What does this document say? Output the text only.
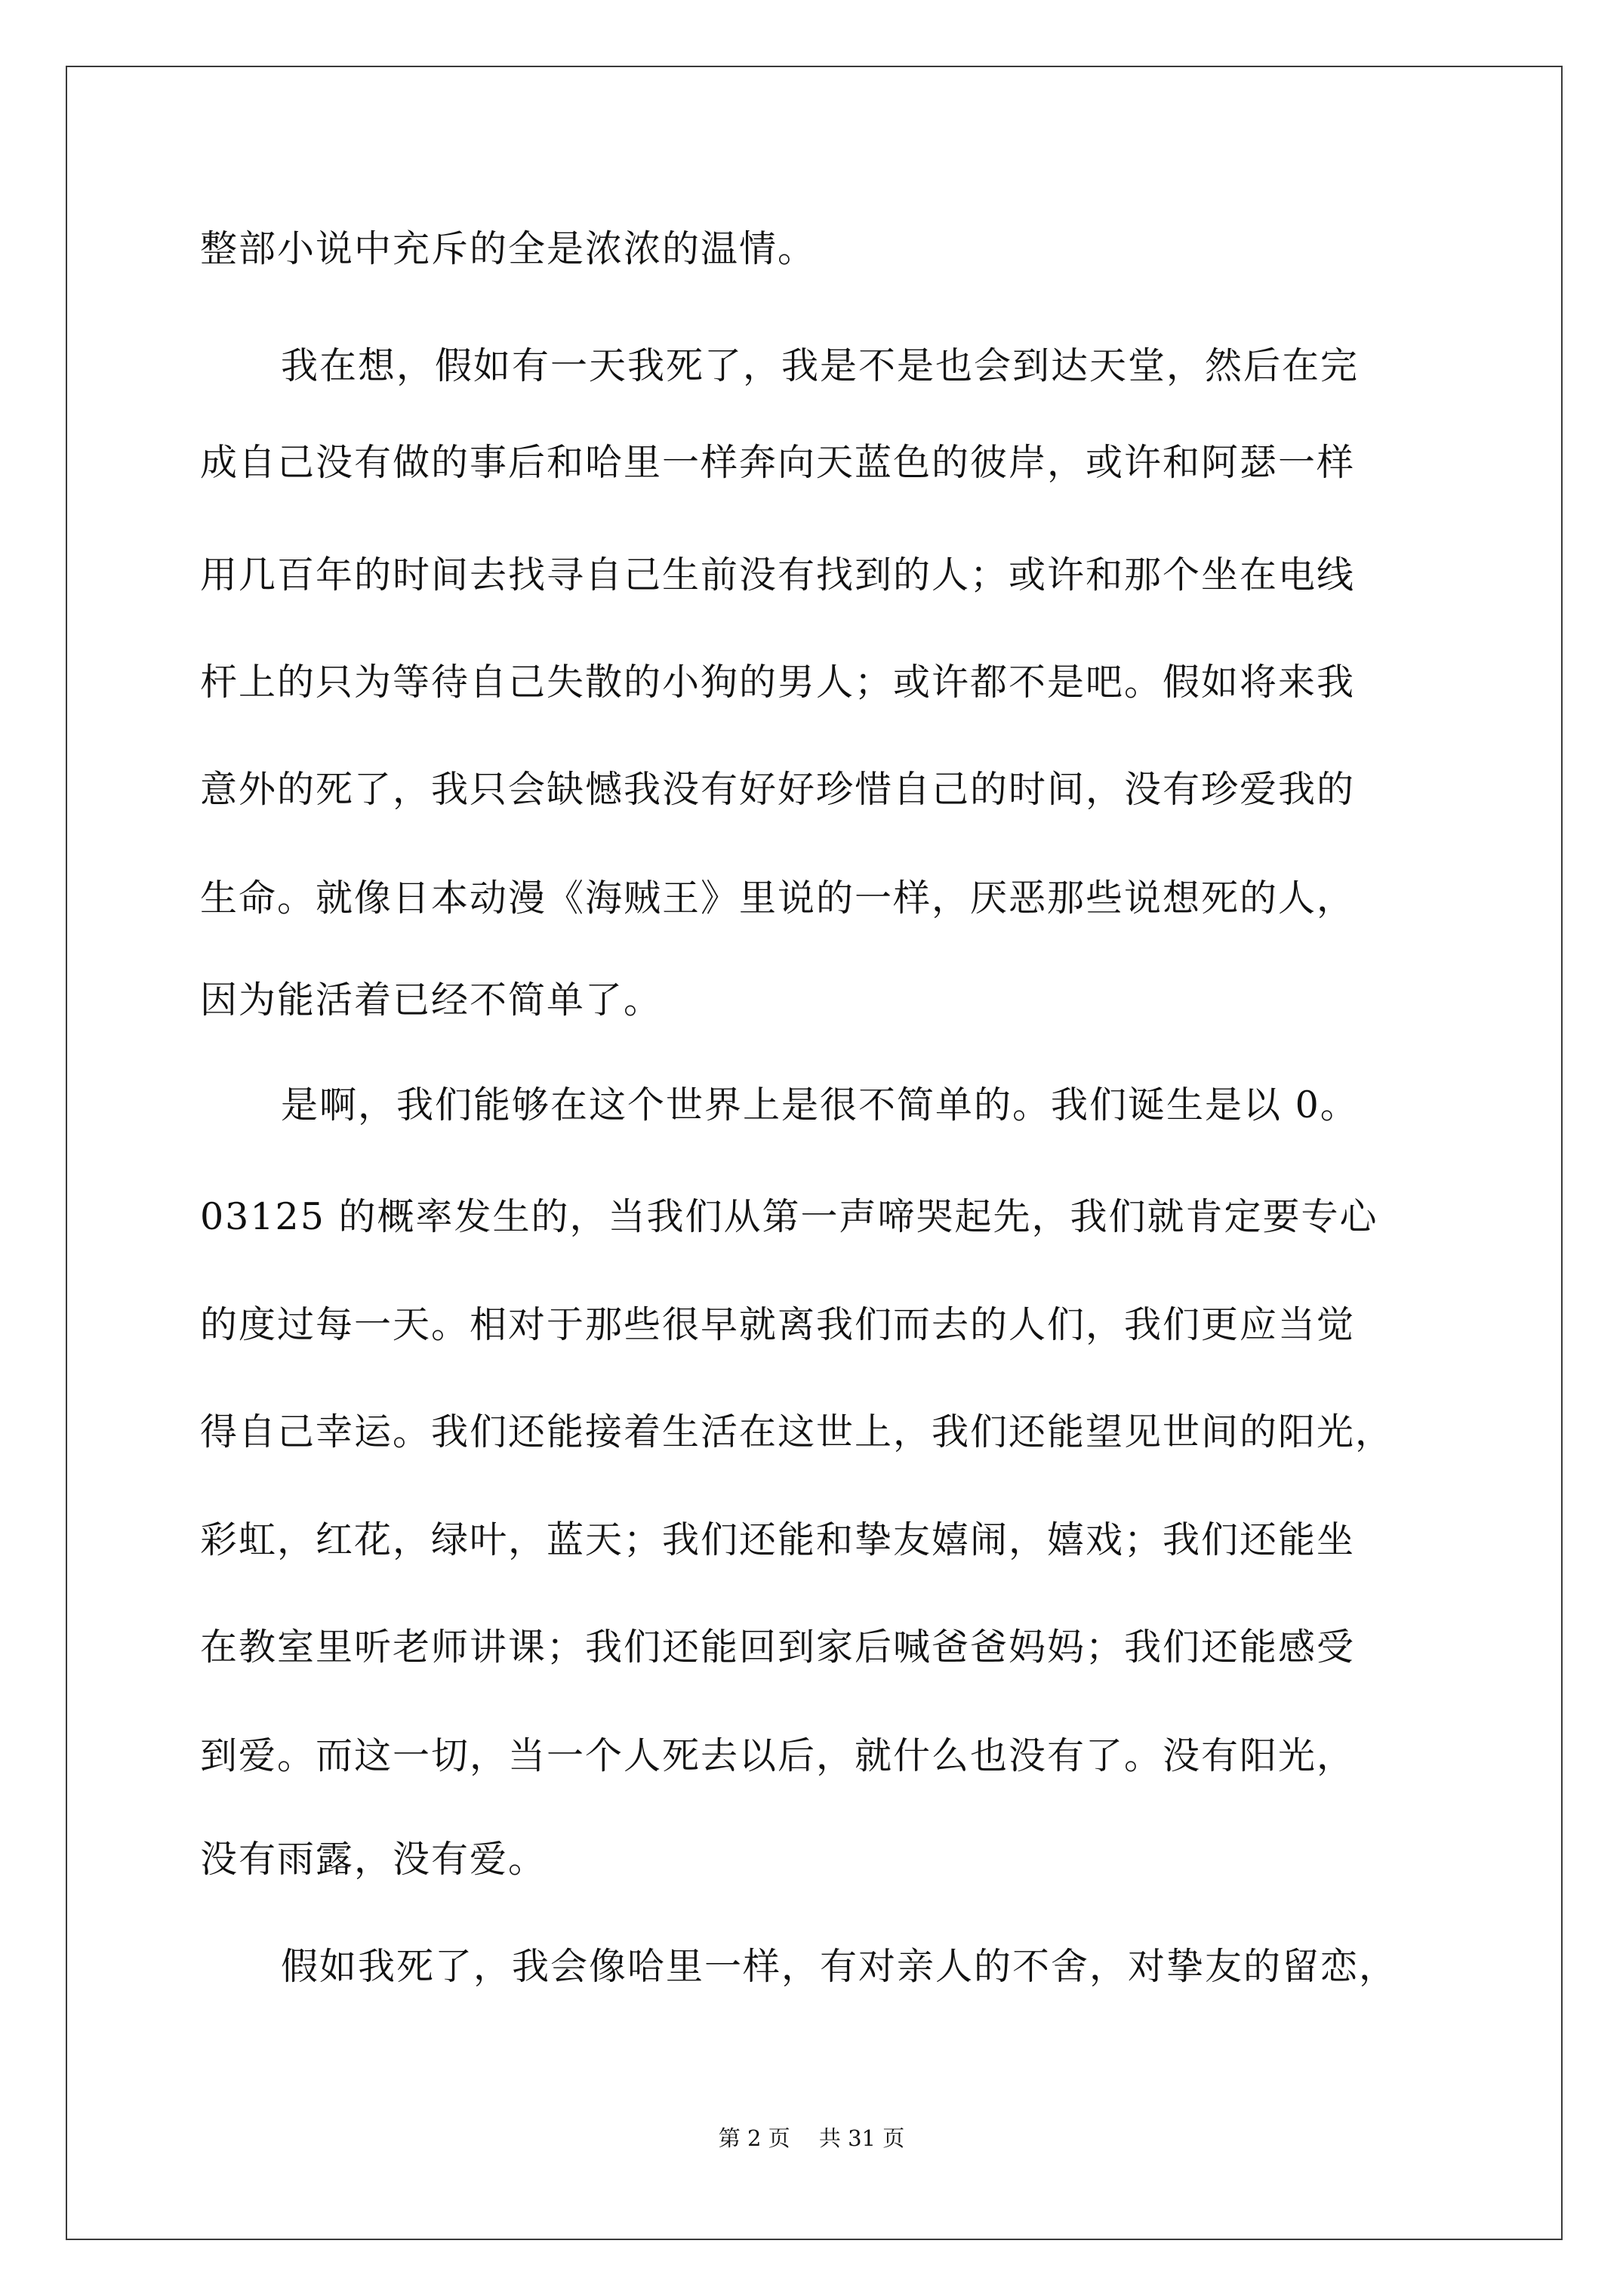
整部小说中充斥的全是浓浓的温情。
我在想，假如有一天我死了，我是不是也会到达天堂，然后在完
成自己没有做的事后和哈里一样奔向天蓝色的彼岸，或许和阿瑟一样
用几百年的时间去找寻自己生前没有找到的人；或许和那个坐在电线
杆上的只为等待自己失散的小狗的男人；或许都不是吧。假如将来我
意外的死了，我只会缺憾我没有好好珍惜自己的时间，没有珍爱我的
生命。就像日本动漫《海贼王》里说的一样，厌恶那些说想死的人，
因为能活着已经不简单了。
是啊，我们能够在这个世界上是很不简单的。我们诞生是以 0。
03125 的概率发生的，当我们从第一声啼哭起先，我们就肯定要专心
的度过每一天。相对于那些很早就离我们而去的人们，我们更应当觉
得自己幸运。我们还能接着生活在这世上，我们还能望见世间的阳光，
彩虹，红花，绿叶，蓝天；我们还能和挚友嬉闹，嬉戏；我们还能坐
在教室里听老师讲课；我们还能回到家后喊爸爸妈妈；我们还能感受
到爱。而这一切，当一个人死去以后，就什么也没有了。没有阳光，
没有雨露，没有爱。
假如我死了，我会像哈里一样，有对亲人的不舍，对挚友的留恋，
第 2 页　 共 31 页
